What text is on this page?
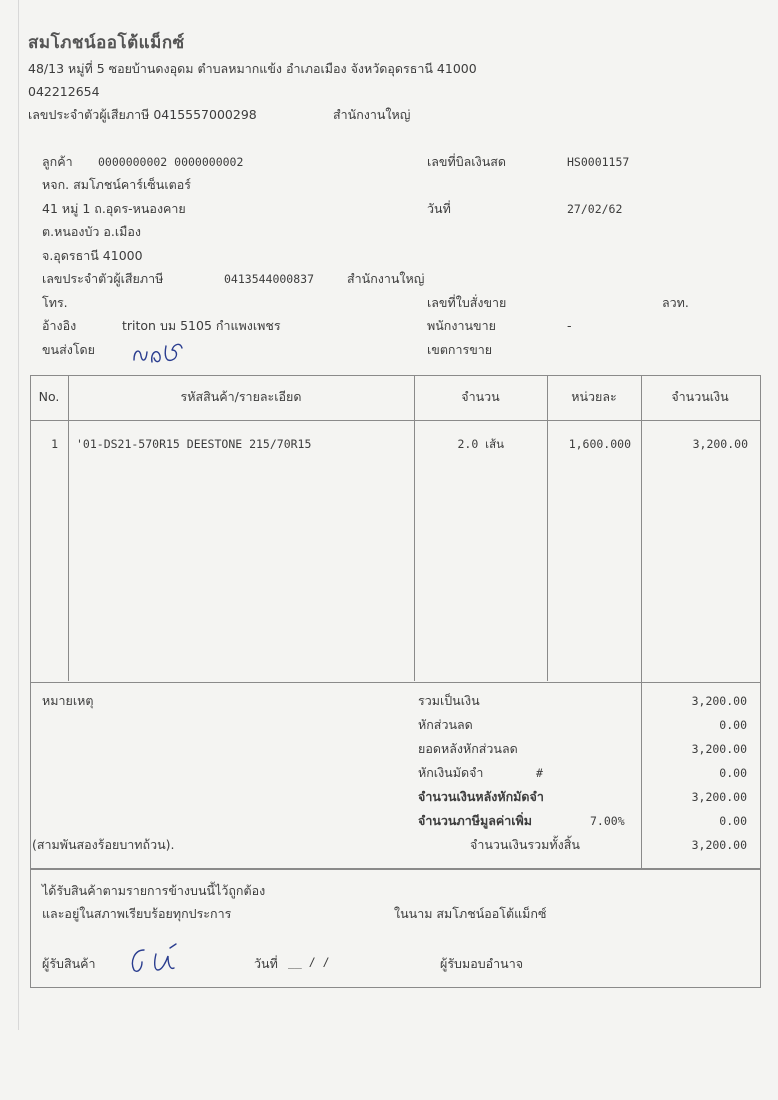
สมโภชน์ออโต้แม็กซ์
48/13 หมู่ที่ 5 ซอยบ้านดงอุดม ตำบลหมากแข้ง อำเภอเมือง จังหวัดอุดรธานี 41000
042212654
เลขประจำตัวผู้เสียภาษี 0415557000298	สำนักงานใหญ่
ลูกค้า 0000000002 0000000002
หจก. สมโภชน์คาร์เซ็นเตอร์
41 หมู่ 1 ถ.อุดร-หนองคาย
ต.หนองบัว อ.เมือง
จ.อุดรธานี 41000
เลขประจำตัวผู้เสียภาษี	0413544000837	สำนักงานใหญ่
โทร.
อ้างอิง	triton บม 5105 กำแพงเพชร
ขนส่งโดย
เลขที่บิลเงินสด	HS0001157
วันที่	27/02/62
เลขที่ใบสั่งขาย	ลวท.
พนักงานขาย	-
เขตการขาย
No.	รหัสสินค้า/รายละเอียด	จำนวน	หน่วยละ	จำนวนเงิน
1 '01-DS21-570R15 DEESTONE 215/70R15	2.0 เส้น	1,600.000	3,200.00
หมายเหตุ
(สามพันสองร้อยบาทถ้วน).
รวมเป็นเงิน	3,200.00
หักส่วนลด	0.00
ยอดหลังหักส่วนลด	3,200.00
หักเงินมัดจำ	#	0.00
จำนวนเงินหลังหักมัดจำ	3,200.00
จำนวนภาษีมูลค่าเพิ่ม	7.00%	0.00
จำนวนเงินรวมทั้งสิ้น	3,200.00
ได้รับสินค้าตามรายการข้างบนนี้ไว้ถูกต้อง
และอยู่ในสภาพเรียบร้อยทุกประการ	ในนาม สมโภชน์ออโต้แม็กซ์
ผู้รับสินค้า	วันที่ __ / /	ผู้รับมอบอำนาจ
